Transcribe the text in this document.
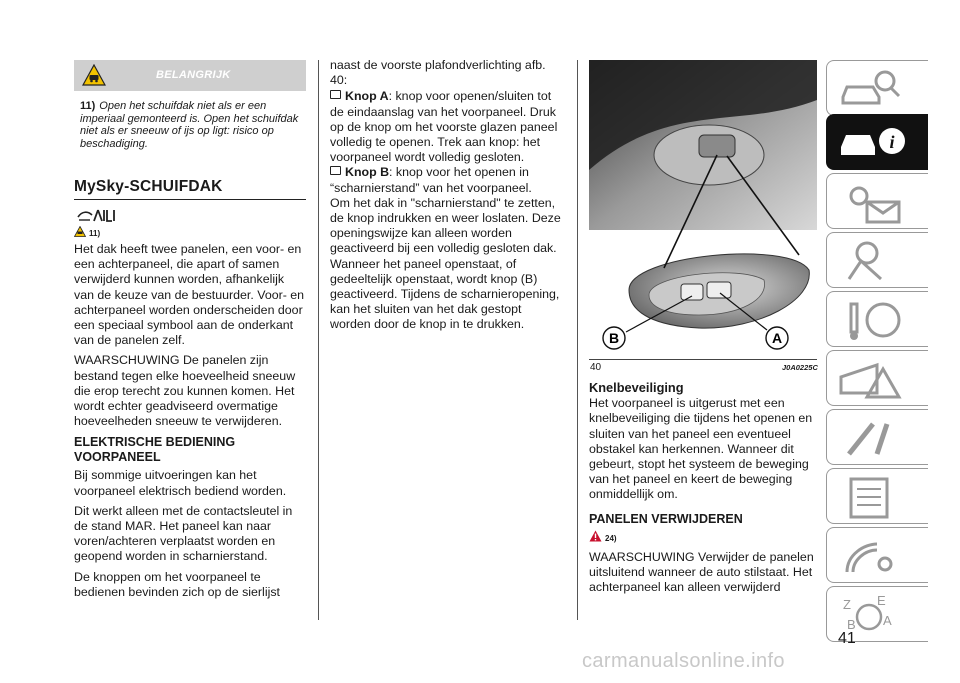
BELANGRIJK
11) Open het schuifdak niet als er een imperiaal gemonteerd is. Open het schuifdak niet als er sneeuw of ijs op ligt: risico op beschadiging.
MySky-SCHUIFDAK
11)

Het dak heeft twee panelen, een voor- en een achterpaneel, die apart of samen verwijderd kunnen worden, afhankelijk van de keuze van de bestuurder. Voor- en achterpaneel worden onderscheiden door een speciaal symbool aan de onderkant van de panelen zelf.

WAARSCHUWING De panelen zijn bestand tegen elke hoeveelheid sneeuw die erop terecht zou kunnen komen. Het wordt echter geadviseerd overmatige hoeveelheden sneeuw te verwijderen.

ELEKTRISCHE BEDIENING VOORPANEEL

Bij sommige uitvoeringen kan het voorpaneel elektrisch bediend worden.

Dit werkt alleen met de contactsleutel in de stand MAR. Het paneel kan naar voren/achteren verplaatst worden en geopend worden in scharnierstand.

De knoppen om het voorpaneel te bedienen bevinden zich op de sierlijst

naast de voorste plafondverlichting afb. 40:

Knop A: knop voor openen/sluiten tot de eindaanslag van het voorpaneel. Druk op de knop om het voorste glazen paneel volledig te openen. Trek aan knop: het voorpaneel wordt volledig gesloten.
Knop B: knop voor het openen in “scharnierstand” van het voorpaneel.

Om het dak in "scharnierstand" te zetten, de knop indrukken en weer loslaten. Deze openingswijze kan alleen worden geactiveerd bij een volledig gesloten dak. Wanneer het paneel openstaat, of gedeeltelijk openstaat, wordt knop (B) geactiveerd. Tijdens de scharnieropening, kan het sluiten van het dak gestopt worden door de knop in te drukken.

B	A
40	J0A0225C
Knelbeveiliging

Het voorpaneel is uitgerust met een knelbeveiliging die tijdens het openen en sluiten van het paneel een eventueel obstakel kan herkennen. Wanneer dit gebeurt, stopt het systeem de beweging van het paneel en keert de beweging onmiddellijk om.

PANELEN VERWIJDEREN
24)

WAARSCHUWING Verwijder de panelen uitsluitend wanneer de auto stilstaat. Het achterpaneel kan alleen verwijderd

i
Z E
B A
41
carmanualsonline.info
